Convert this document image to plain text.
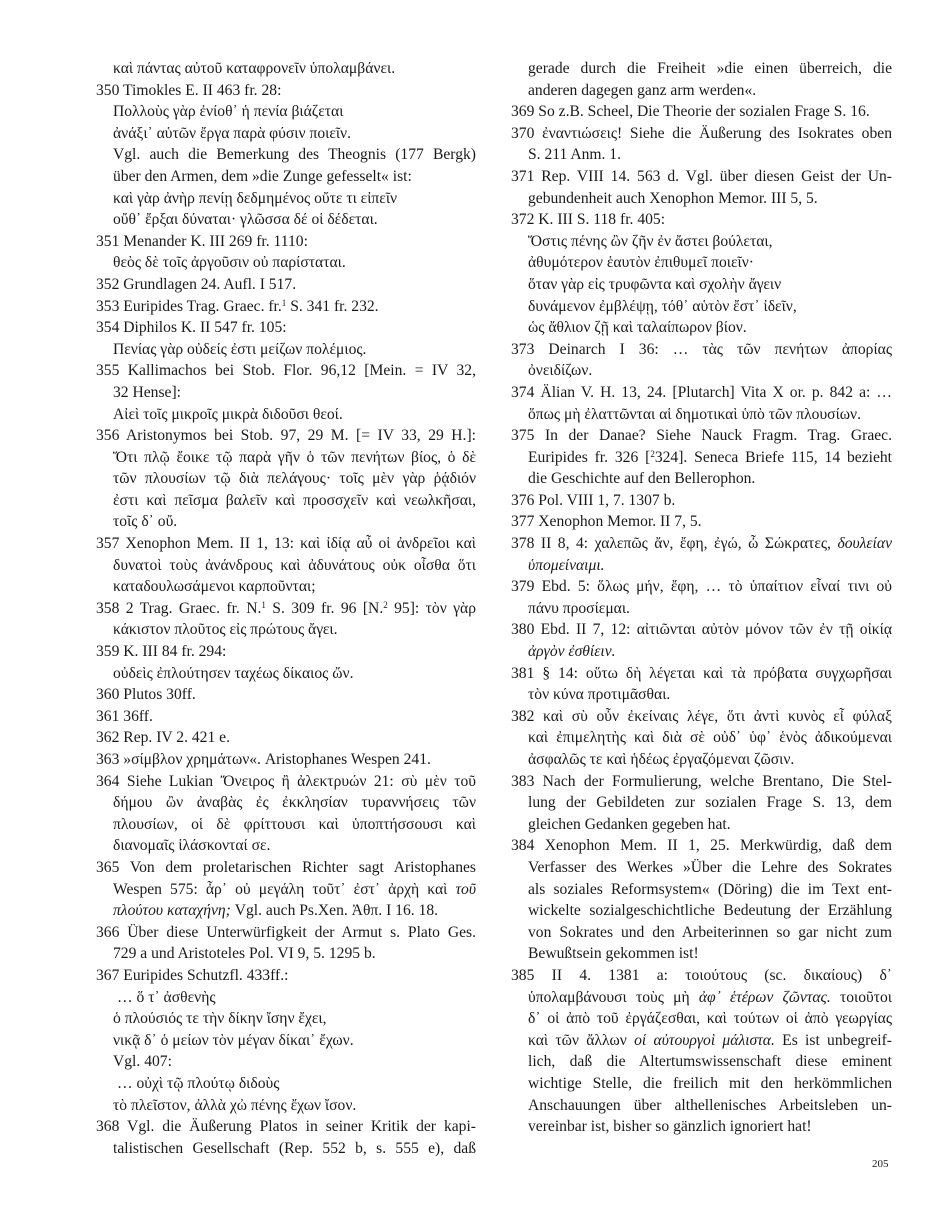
καὶ πάντας αὐτοῦ καταφρονεῖν ὑπολαμβάνει.
350 Timokles E. II 463 fr. 28:
Πολλοὺς γὰρ ἐνίοθ᾽ ἡ πενία βιάζεται
ἀνάξι᾽ αὑτῶν ἔργα παρὰ φύσιν ποιεῖν.
Vgl. auch die Bemerkung des Theognis (177 Bergk)
über den Armen, dem »die Zunge gefesselt« ist:
καὶ γὰρ ἀνὴρ πενίῃ δεδμημένος οὔτε τι εἰπεῖν
οὔθ᾽ ἔρξαι δύναται· γλῶσσα δέ οἱ δέδεται.
351 Menander K. III 269 fr. 1110:
θεὸς δὲ τοῖς ἀργοῦσιν οὐ παρίσταται.
352 Grundlagen 24. Aufl. I 517.
353 Euripides Trag. Graec. fr.$^1$ S. 341 fr. 232.
354 Diphilos K. II 547 fr. 105:
Πενίας γὰρ οὐδείς ἐστι μείζων πολέμιος.
355 Kallimachos bei Stob. Flor. 96,12 [Mein. = IV 32,
32 Hense]:
Αἰεὶ τοῖς μικροῖς μικρὰ διδοῦσι θεοί.
356 Aristonymos bei Stob. 97, 29 M. [= IV 33, 29 H.]:
Ὅτι πλῷ ἔοικε τῷ παρὰ γῆν ὁ τῶν πενήτων βίος, ὁ δὲ
τῶν πλουσίων τῷ διὰ πελάγους· τοῖς μὲν γὰρ ῥᾴδιόν
ἐστι καὶ πεῖσμα βαλεῖν καὶ προσσχεῖν καὶ νεωλκῆσαι,
τοῖς δ᾽ οὔ.
357 Xenophon Mem. II 1, 13: καὶ ἰδίᾳ αὖ οἱ ἀνδρεῖοι καὶ
δυνατοὶ τοὺς ἀνάνδρους καὶ ἀδυνάτους οὐκ οἶσθα ὅτι
καταδουλωσάμενοι καρποῦνται;
358 2 Trag. Graec. fr. N.$^1$ S. 309 fr. 96 [N.$^2$ 95]: τὸν γὰρ
κάκιστον πλοῦτος εἰς πρώτους ἄγει.
359 K. III 84 fr. 294:
οὐδεὶς ἐπλούτησεν ταχέως δίκαιος ὤν.
360 Plutos 30ff.
361 36ff.
362 Rep. IV 2. 421 e.
363 »σίμβλον χρημάτων«. Aristophanes Wespen 241.
364 Siehe Lukian Ὄνειρος ἢ ἀλεκτρυών 21: σὺ μὲν τοῦ
δήμου ὢν ἀναβὰς ἐς ἐκκλησίαν τυραννήσεις τῶν
πλουσίων, οἱ δὲ φρίττουσι καὶ ὑποπτήσσουσι καὶ
διανομαῖς ἱλάσκονταί σε.
365 Von dem proletarischen Richter sagt Aristophanes
Wespen 575: ἆρ᾽ οὐ μεγάλη τοῦτ᾽ ἐστ᾽ ἀρχὴ καὶ τοῦ
πλούτου καταχήνη; Vgl. auch Ps.Xen. Ἀθπ. I 16. 18.
366 Über diese Unterwürfigkeit der Armut s. Plato Ges.
729 a und Aristoteles Pol. VI 9, 5. 1295 b.
367 Euripides Schutzfl. 433ff.:
… ὅ τ᾽ ἀσθενὴς
ὁ πλούσιός τε τὴν δίκην ἴσην ἔχει,
νικᾷ δ᾽ ὁ μείων τὸν μέγαν δίκαι᾽ ἔχων.
Vgl. 407:
… οὐχὶ τῷ πλούτῳ διδοὺς
τὸ πλεῖστον, ἀλλὰ χὠ πένης ἔχων ἴσον.
368 Vgl. die Äußerung Platos in seiner Kritik der kapi-
talistischen Gesellschaft (Rep. 552 b, s. 555 e), daß
gerade durch die Freiheit »die einen überreich, die
anderen dagegen ganz arm werden«.
369 So z.B. Scheel, Die Theorie der sozialen Frage S. 16.
370 ἐναντιώσεις! Siehe die Äußerung des Isokrates oben
S. 211 Anm. 1.
371 Rep. VIII 14. 563 d. Vgl. über diesen Geist der Un-
gebundenheit auch Xenophon Memor. III 5, 5.
372 K. III S. 118 fr. 405:
Ὅστις πένης ὢν ζῆν ἐν ἄστει βούλεται,
ἀθυμότερον ἑαυτὸν ἐπιθυμεῖ ποιεῖν·
ὅταν γὰρ εἰς τρυφῶντα καὶ σχολὴν ἄγειν
δυνάμενον ἐμβλέψῃ, τόθ᾽ αὑτὸν ἔστ᾽ ἰδεῖν,
ὡς ἄθλιον ζῇ καὶ ταλαίπωρον βίον.
373 Deinarch I 36: … τὰς τῶν πενήτων ἀπορίας
ὀνειδίζων.
374 Älian V. H. 13, 24. [Plutarch] Vita X or. p. 842 a: …
ὅπως μὴ ἐλαττῶνται αἱ δημοτικαὶ ὑπὸ τῶν πλουσίων.
375 In der Danae? Siehe Nauck Fragm. Trag. Graec.
Euripides fr. 326 [$^2$324]. Seneca Briefe 115, 14 bezieht
die Geschichte auf den Bellerophon.
376 Pol. VIII 1, 7. 1307 b.
377 Xenophon Memor. II 7, 5.
378 II 8, 4: χαλεπῶς ἄν, ἔφη, ἐγώ, ὦ Σώκρατες, δουλείαν
ὑπομείναιμι.
379 Ebd. 5: ὅλως μήν, ἔφη, … τὸ ὑπαίτιον εἶναί τινι οὐ
πάνυ προσίεμαι.
380 Ebd. II 7, 12: αἰτιῶνται αὐτὸν μόνον τῶν ἐν τῇ οἰκίᾳ
ἀργὸν ἐσθίειν.
381 § 14: οὕτω δὴ λέγεται καὶ τὰ πρόβατα συγχωρῆσαι
τὸν κύνα προτιμᾶσθαι.
382 καὶ σὺ οὖν ἐκείναις λέγε, ὅτι ἀντὶ κυνὸς εἶ φύλαξ
καὶ ἐπιμελητὴς καὶ διὰ σὲ οὐδ᾽ ὑφ᾽ ἑνὸς ἀδικούμεναι
ἀσφαλῶς τε καὶ ἡδέως ἐργαζόμεναι ζῶσιν.
383 Nach der Formulierung, welche Brentano, Die Stel-
lung der Gebildeten zur sozialen Frage S. 13, dem
gleichen Gedanken gegeben hat.
384 Xenophon Mem. II 1, 25. Merkwürdig, daß dem
Verfasser des Werkes »Über die Lehre des Sokrates
als soziales Reformsystem« (Döring) die im Text ent-
wickelte sozialgeschichtliche Bedeutung der Erzählung
von Sokrates und den Arbeiterinnen so gar nicht zum
Bewußtsein gekommen ist!
385 II 4. 1381 a: τοιούτους (sc. δικαίους) δ᾽
ὑπολαμβάνουσι τοὺς μὴ ἀφ᾽ ἑτέρων ζῶντας. τοιοῦτοι
δ᾽ οἱ ἀπὸ τοῦ ἐργάζεσθαι, καὶ τούτων οἱ ἀπὸ γεωργίας
καὶ τῶν ἄλλων οἱ αὐτουργοὶ μάλιστα. Es ist unbegreif-
lich, daß die Altertumswissenschaft diese eminent
wichtige Stelle, die freilich mit den herkömmlichen
Anschauungen über althellenisches Arbeitsleben un-
vereinbar ist, bisher so gänzlich ignoriert hat!
205
